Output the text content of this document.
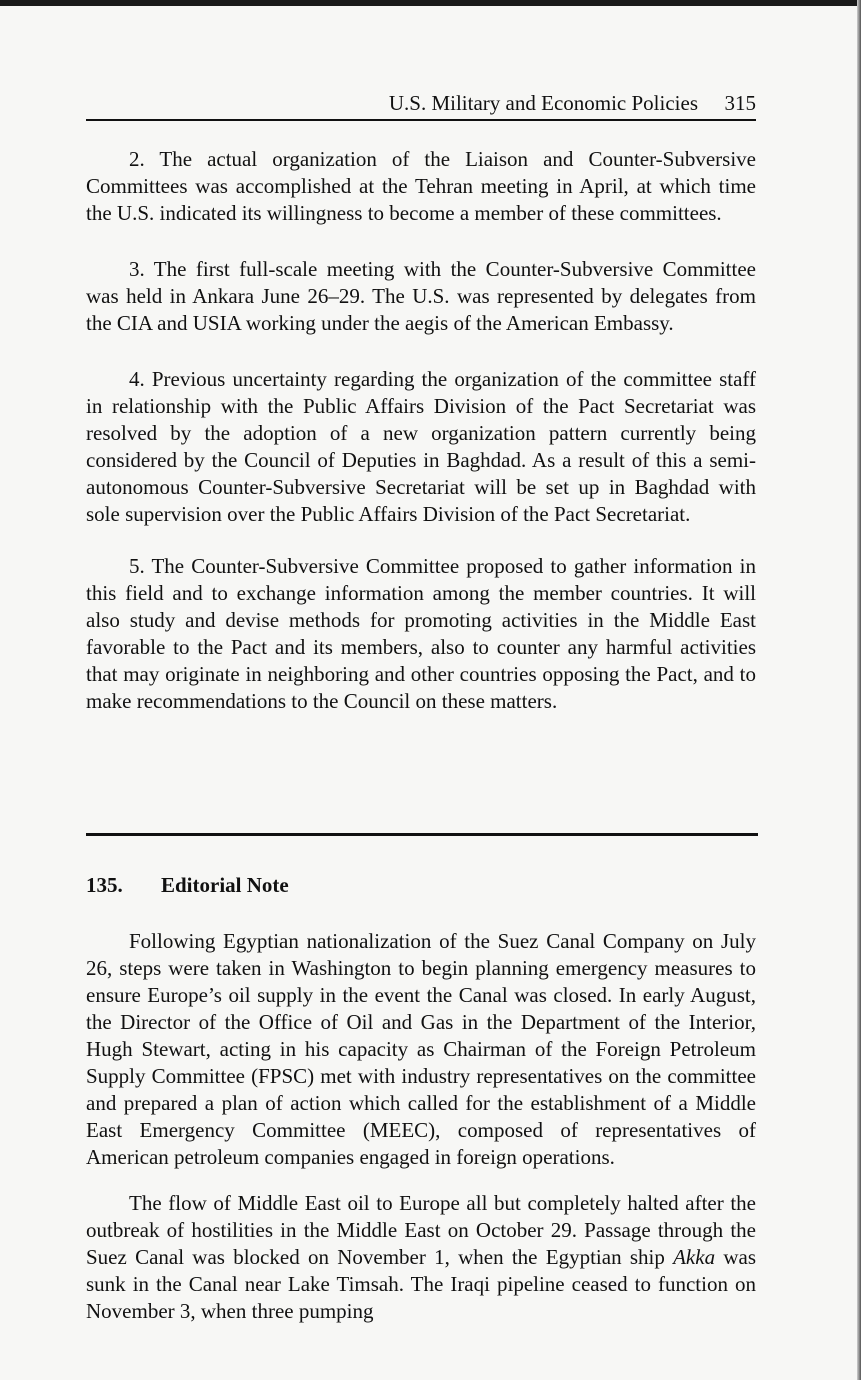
U.S. Military and Economic Policies 315

2. The actual organization of the Liaison and Counter-Subversive Committees was accomplished at the Tehran meeting in April, at which time the U.S. indicated its willingness to become a member of these committees.

3. The first full-scale meeting with the Counter-Subversive Committee was held in Ankara June 26–29. The U.S. was represented by delegates from the CIA and USIA working under the aegis of the American Embassy.

4. Previous uncertainty regarding the organization of the committee staff in relationship with the Public Affairs Division of the Pact Secretariat was resolved by the adoption of a new organization pattern currently being considered by the Council of Deputies in Baghdad. As a result of this a semi-autonomous Counter-Subversive Secretariat will be set up in Baghdad with sole supervision over the Public Affairs Division of the Pact Secretariat.

5. The Counter-Subversive Committee proposed to gather information in this field and to exchange information among the member countries. It will also study and devise methods for promoting activities in the Middle East favorable to the Pact and its members, also to counter any harmful activities that may originate in neighboring and other countries opposing the Pact, and to make recommendations to the Council on these matters.

135. Editorial Note

Following Egyptian nationalization of the Suez Canal Company on July 26, steps were taken in Washington to begin planning emergency measures to ensure Europe’s oil supply in the event the Canal was closed. In early August, the Director of the Office of Oil and Gas in the Department of the Interior, Hugh Stewart, acting in his capacity as Chairman of the Foreign Petroleum Supply Committee (FPSC) met with industry representatives on the committee and prepared a plan of action which called for the establishment of a Middle East Emergency Committee (MEEC), composed of representatives of American petroleum companies engaged in foreign operations.

The flow of Middle East oil to Europe all but completely halted after the outbreak of hostilities in the Middle East on October 29. Passage through the Suez Canal was blocked on November 1, when the Egyptian ship Akka was sunk in the Canal near Lake Timsah. The Iraqi pipeline ceased to function on November 3, when three pumping
